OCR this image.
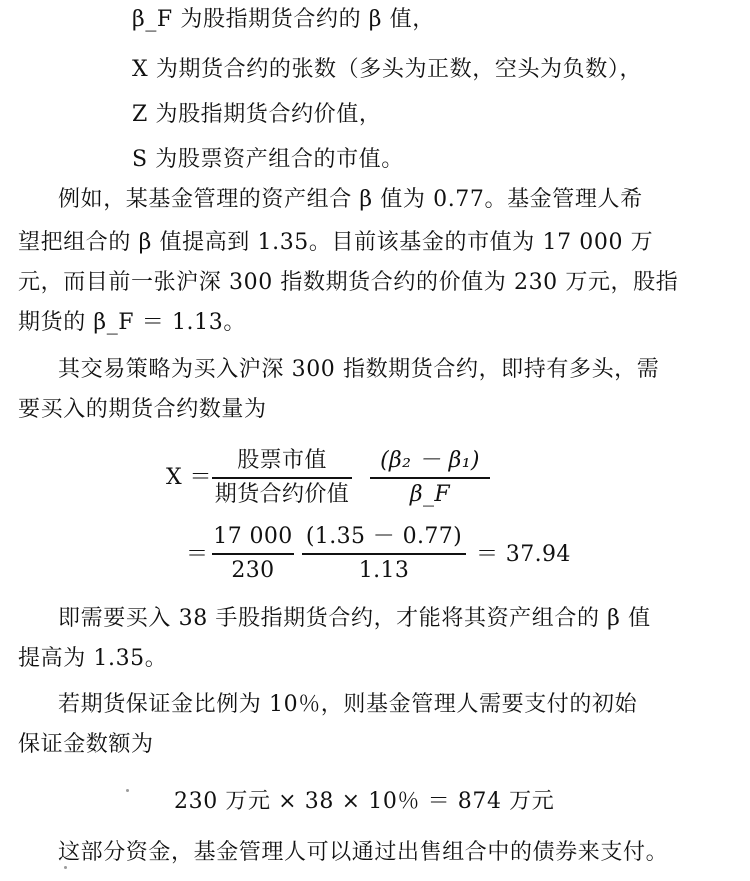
β_F 为股指期货合约的 β 值，
X 为期货合约的张数（多头为正数，空头为负数），
Z 为股指期货合约价值，
S 为股票资产组合的市值。
例如，某基金管理的资产组合 β 值为 0.77。基金管理人希
望把组合的 β 值提高到 1.35。目前该基金的市值为 17 000 万
元，而目前一张沪深 300 指数期货合约的价值为 230 万元，股指
期货的 β_F ＝ 1.13。
其交易策略为买入沪深 300 指数期货合约，即持有多头，需
要买入的期货合约数量为
X ＝
股票市值
期货合约价值
(β₂ － β₁)
β_F
＝
17 000
230
(1.35 － 0.77)
1.13
＝ 37.94
即需要买入 38 手股指期货合约，才能将其资产组合的 β 值
提高为 1.35。
若期货保证金比例为 10％，则基金管理人需要支付的初始
保证金数额为
230 万元 × 38 × 10％ ＝ 874 万元
这部分资金，基金管理人可以通过出售组合中的债券来支付。
